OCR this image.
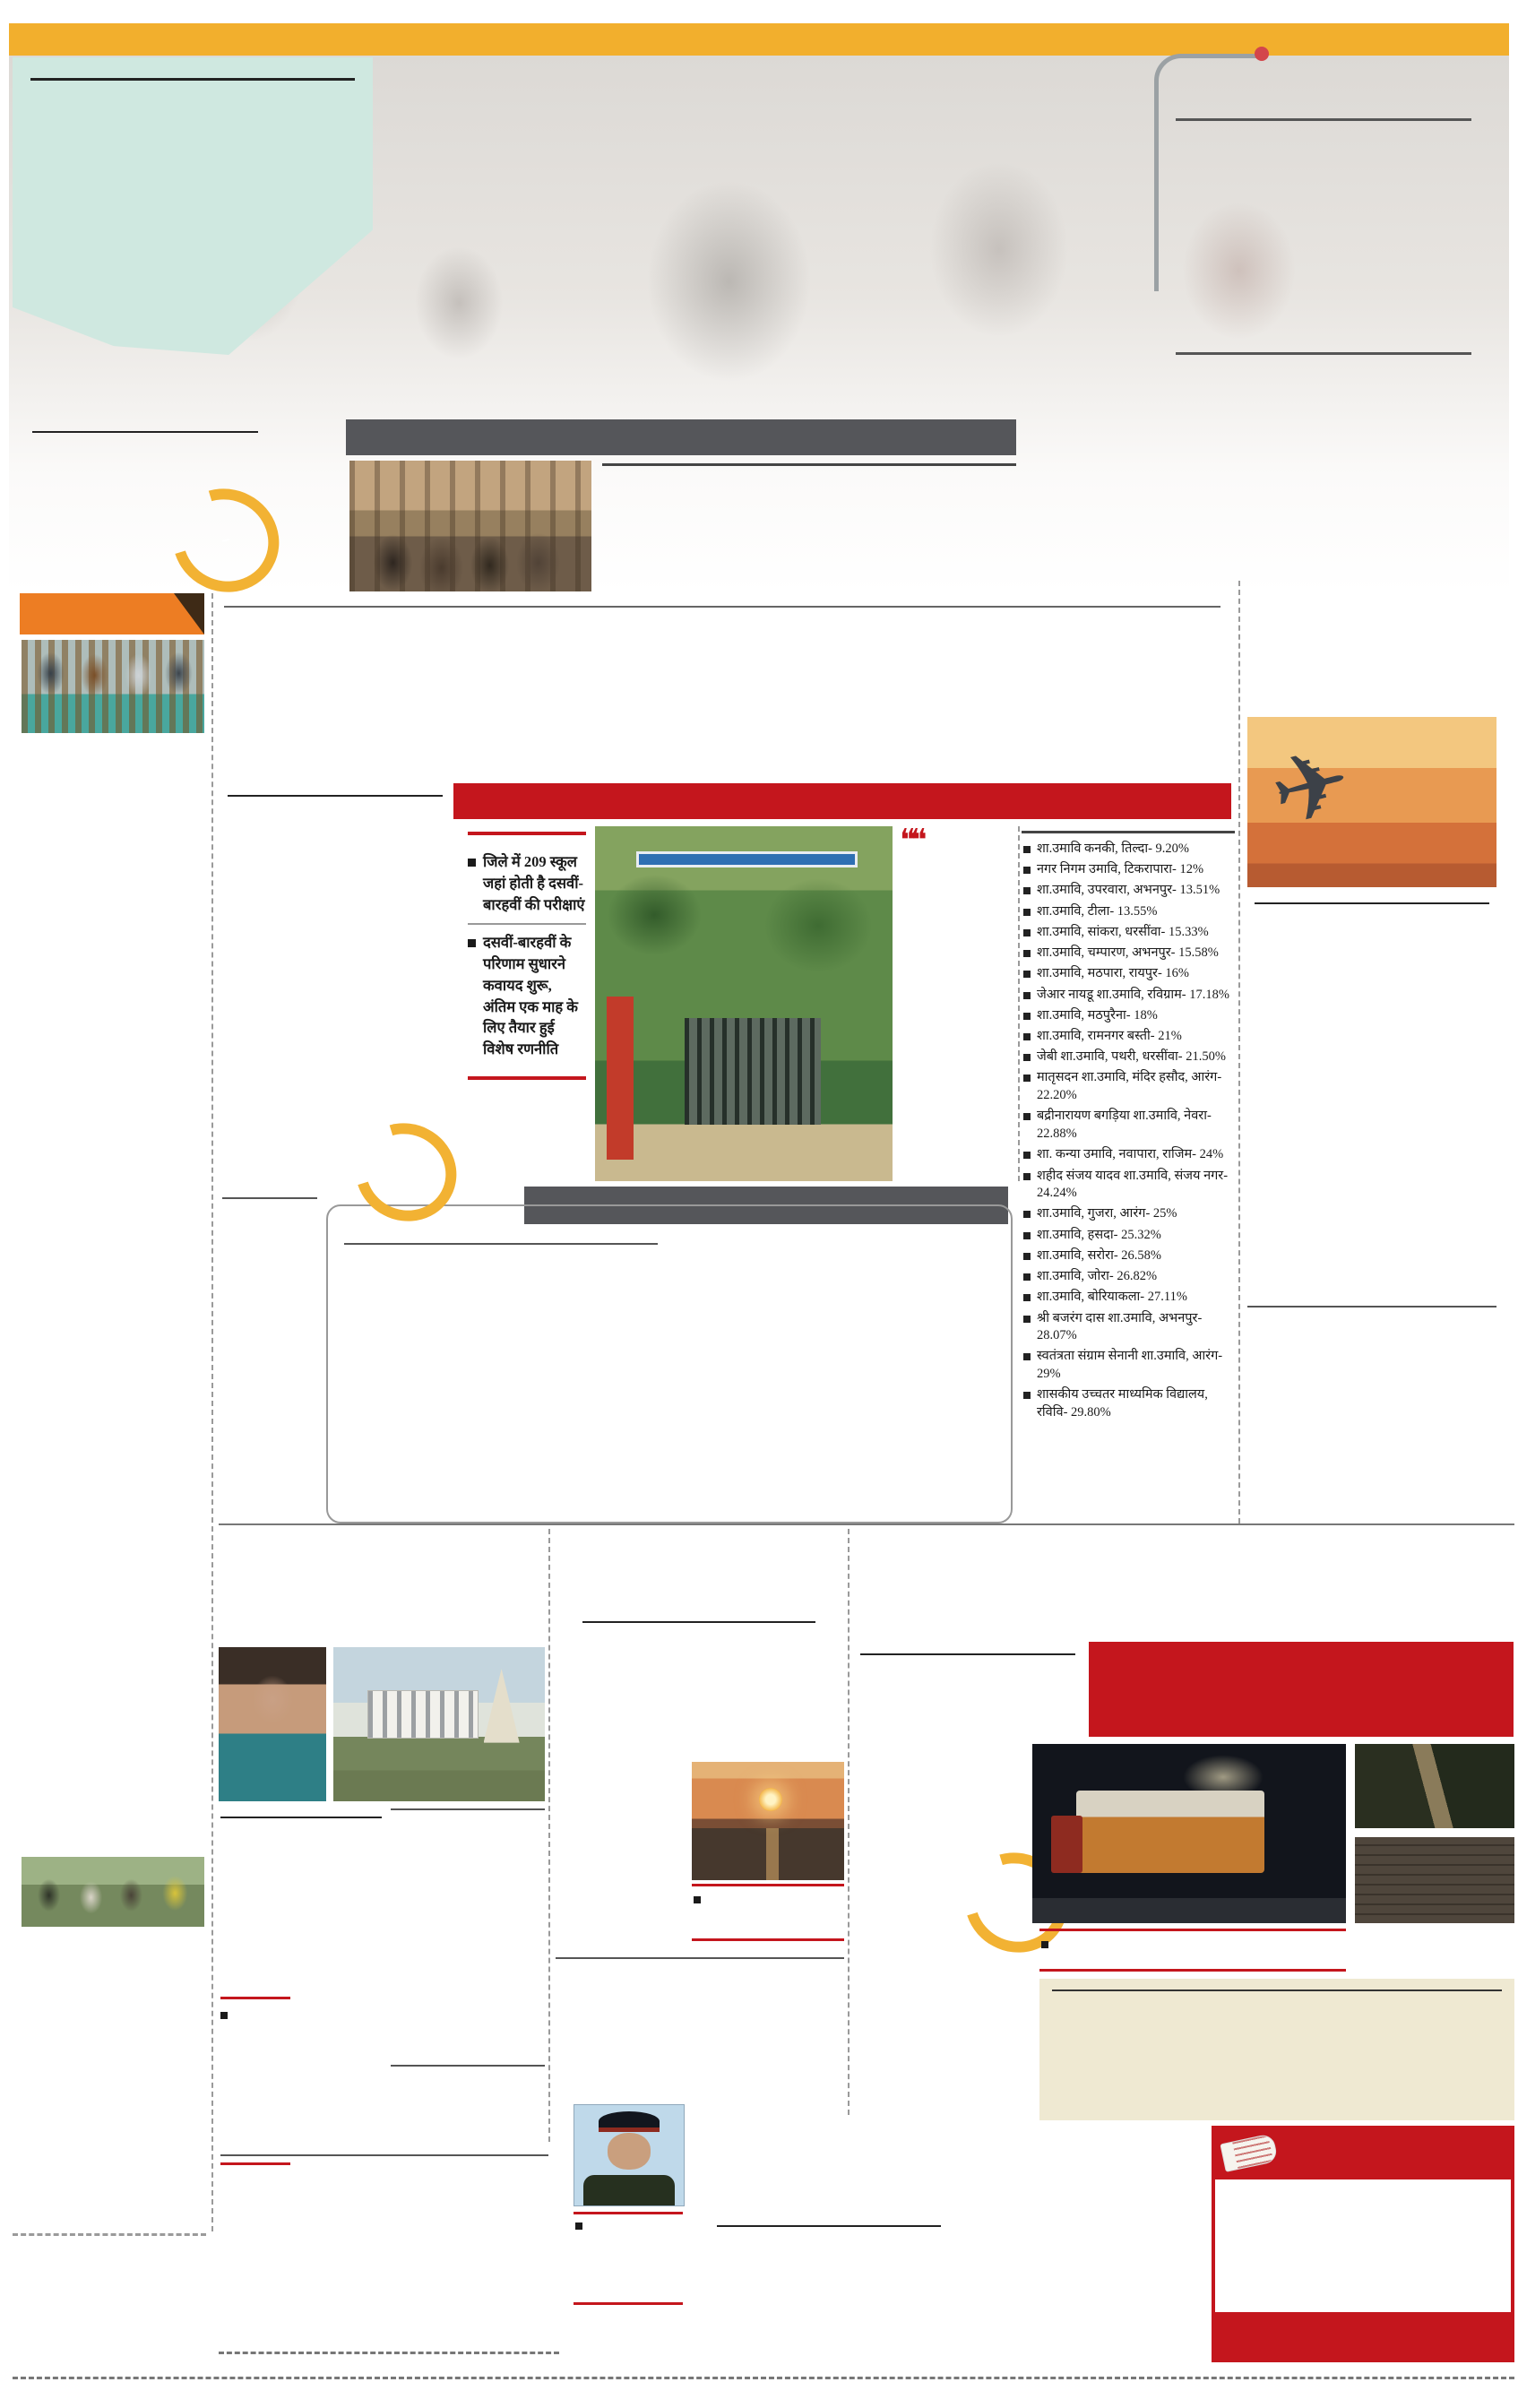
जिले में 209 स्कूल जहां होती है दसवीं-बारहवीं की परीक्षाएं
दसवीं-बारहवीं के परिणाम सुधारने कवायद शुरू, अंतिम एक माह के लिए तैयार हुई विशेष रणनीति
❝❝	शा.उमावि कनकी, तिल्दा- 9.20%
नगर निगम उमावि, टिकरापारा- 12%
शा.उमावि, उपरवारा, अभनपुर- 13.51%
शा.उमावि, टीला- 13.55%
शा.उमावि, सांकरा, धरसींवा- 15.33%
शा.उमावि, चम्पारण, अभनपुर- 15.58%
शा.उमावि, मठपारा, रायपुर- 16%
जेआर नायडू शा.उमावि, रविग्राम- 17.18%
शा.उमावि, मठपुरैना- 18%
शा.उमावि, रामनगर बस्ती- 21%
जेबी शा.उमावि, पथरी, धरसींवा- 21.50%
मातृसदन शा.उमावि, मंदिर हसौद, आरंग- 22.20%
बद्रीनारायण बगड़िया शा.उमावि, नेवरा- 22.88%
शा. कन्या उमावि, नवापारा, राजिम- 24%
शहीद संजय यादव शा.उमावि, संजय नगर- 24.24%
शा.उमावि, गुजरा, आरंग- 25%
शा.उमावि, हसदा- 25.32%
शा.उमावि, सरोरा- 26.58%
शा.उमावि, जोरा- 26.82%
शा.उमावि, बोरियाकला- 27.11%
श्री बजरंग दास शा.उमावि, अभनपुर- 28.07%
स्वतंत्रता संग्राम सेनानी शा.उमावि, आरंग- 29%
शासकीय उच्चतर माध्यमिक विद्यालय, रविवि- 29.80%
✈
